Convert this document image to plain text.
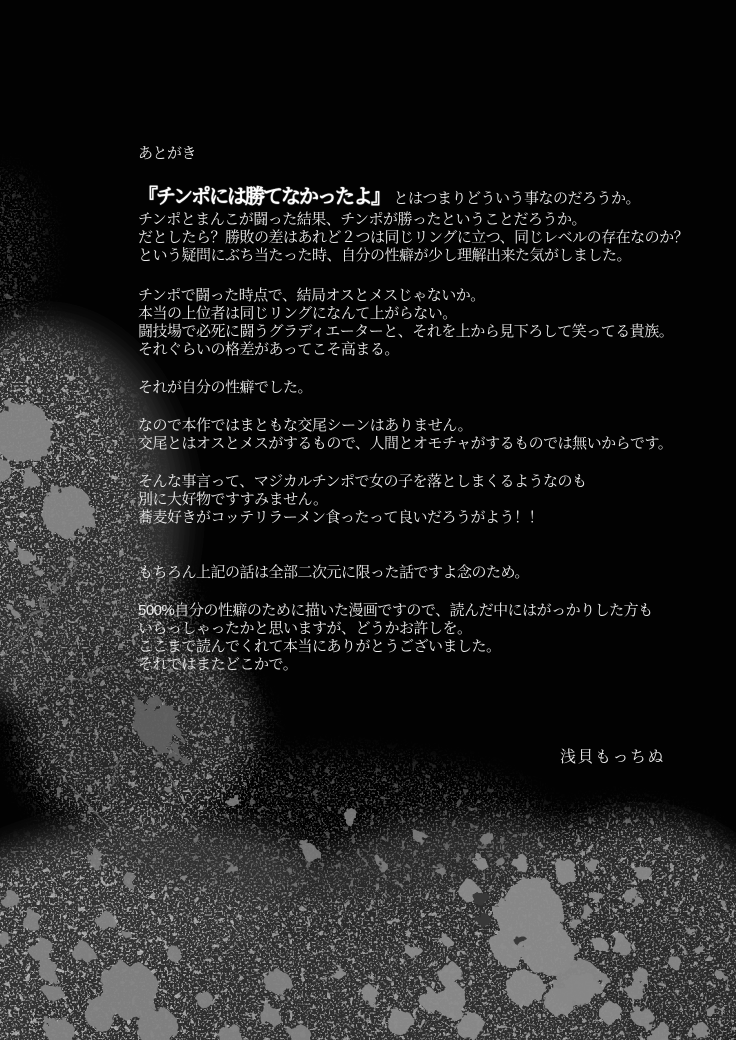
あとがき
『チンポには勝てなかったよ』　とはつまりどういう事なのだろうか。
チンポとまんこが闘った結果、チンポが勝ったということだろうか。
だとしたら？勝敗の差はあれど２つは同じリングに立つ、同じレベルの存在なのか？
という疑問にぶち当たった時、自分の性癖が少し理解出来た気がしました。
チンポで闘った時点で、結局オスとメスじゃないか。
本当の上位者は同じリングになんて上がらない。
闘技場で必死に闘うグラディエーターと、それを上から見下ろして笑ってる貴族。
それぐらいの格差があってこそ高まる。
それが自分の性癖でした。
なので本作ではまともな交尾シーンはありません。
交尾とはオスとメスがするもので、人間とオモチャがするものでは無いからです。
そんな事言って、マジカルチンポで女の子を落としまくるようなのも
別に大好物ですすみません。
蕎麦好きがコッテリラーメン食ったって良いだろうがよう！！
もちろん上記の話は全部二次元に限った話ですよ念のため。
500%自分の性癖のために描いた漫画ですので、読んだ中にはがっかりした方も
いらっしゃったかと思いますが、どうかお許しを。
ここまで読んでくれて本当にありがとうございました。
それではまたどこかで。
浅貝もっちぬ
